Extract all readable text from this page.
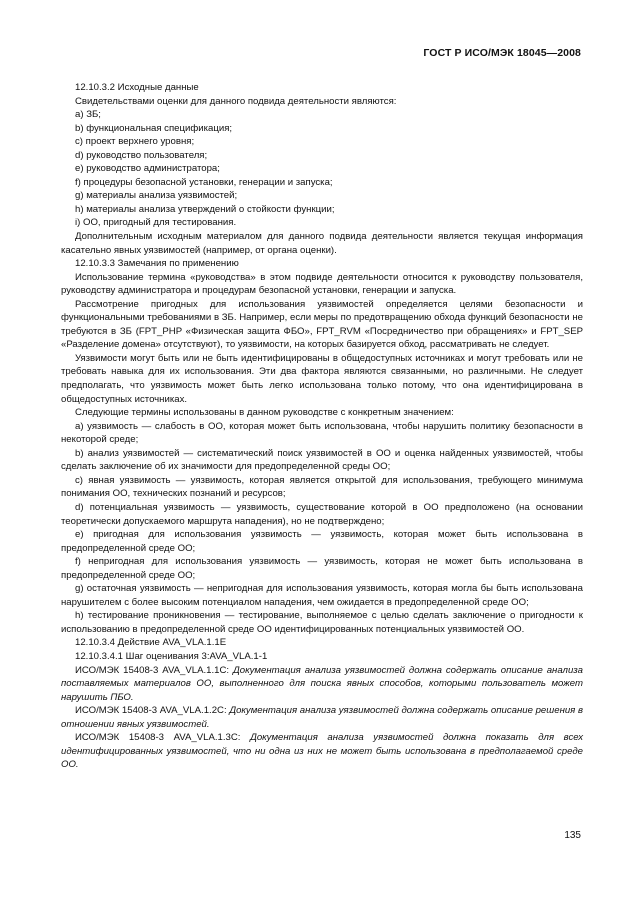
ГОСТ Р ИСО/МЭК 18045—2008

12.10.3.2 Исходные данные

Свидетельствами оценки для данного подвида деятельности являются:

а) ЗБ;

b) функциональная спецификация;

c) проект верхнего уровня;

d) руководство пользователя;

e) руководство администратора;

f) процедуры безопасной установки, генерации и запуска;

g) материалы анализа уязвимостей;

h) материалы анализа утверждений о стойкости функции;

i) ОО, пригодный для тестирования.

Дополнительным исходным материалом для данного подвида деятельности является текущая информация касательно явных уязвимостей (например, от органа оценки).

12.10.3.3 Замечания по применению

Использование термина «руководства» в этом подвиде деятельности относится к руководству пользователя, руководству администратора и процедурам безопасной установки, генерации и запуска.

Рассмотрение пригодных для использования уязвимостей определяется целями безопасности и функциональными требованиями в ЗБ. Например, если меры по предотвращению обхода функций безопасности не требуются в ЗБ (FPT_PHP «Физическая защита ФБО», FPT_RVM «Посредничество при обращениях» и FPT_SEP «Разделение домена» отсутствуют), то уязвимости, на которых базируется обход, рассматривать не следует.

Уязвимости могут быть или не быть идентифицированы в общедоступных источниках и могут требовать или не требовать навыка для их использования. Эти два фактора являются связанными, но различными. Не следует предполагать, что уязвимость может быть легко использована только потому, что она идентифицирована в общедоступных источниках.

Следующие термины использованы в данном руководстве с конкретным значением:

а) уязвимость — слабость в ОО, которая может быть использована, чтобы нарушить политику безопасности в некоторой среде;

b) анализ уязвимостей — систематический поиск уязвимостей в ОО и оценка найденных уязвимостей, чтобы сделать заключение об их значимости для предопределенной среды ОО;

c) явная уязвимость — уязвимость, которая является открытой для использования, требующего минимума понимания ОО, технических познаний и ресурсов;

d) потенциальная уязвимость — уязвимость, существование которой в ОО предположено (на основании теоретически допускаемого маршрута нападения), но не подтверждено;

e) пригодная для использования уязвимость — уязвимость, которая может быть использована в предопределенной среде ОО;

f) непригодная для использования уязвимость — уязвимость, которая не может быть использована в предопределенной среде ОО;

g) остаточная уязвимость — непригодная для использования уязвимость, которая могла бы быть использована нарушителем с более высоким потенциалом нападения, чем ожидается в предопределенной среде ОО;

h) тестирование проникновения — тестирование, выполняемое с целью сделать заключение о пригодности к использованию в предопределенной среде ОО идентифицированных потенциальных уязвимостей ОО.

12.10.3.4 Действие AVA_VLA.1.1E

12.10.3.4.1 Шаг оценивания 3:AVA_VLA.1-1

ИСО/МЭК 15408-3 AVA_VLA.1.1C: Документация анализа уязвимостей должна содержать описание анализа поставляемых материалов ОО, выполненного для поиска явных способов, которыми пользователь может нарушить ПБО.

ИСО/МЭК 15408-3 AVA_VLA.1.2C: Документация анализа уязвимостей должна содержать описание решения в отношении явных уязвимостей.

ИСО/МЭК 15408-3 AVA_VLA.1.3C: Документация анализа уязвимостей должна показать для всех идентифицированных уязвимостей, что ни одна из них не может быть использована в предполагаемой среде ОО.

135
